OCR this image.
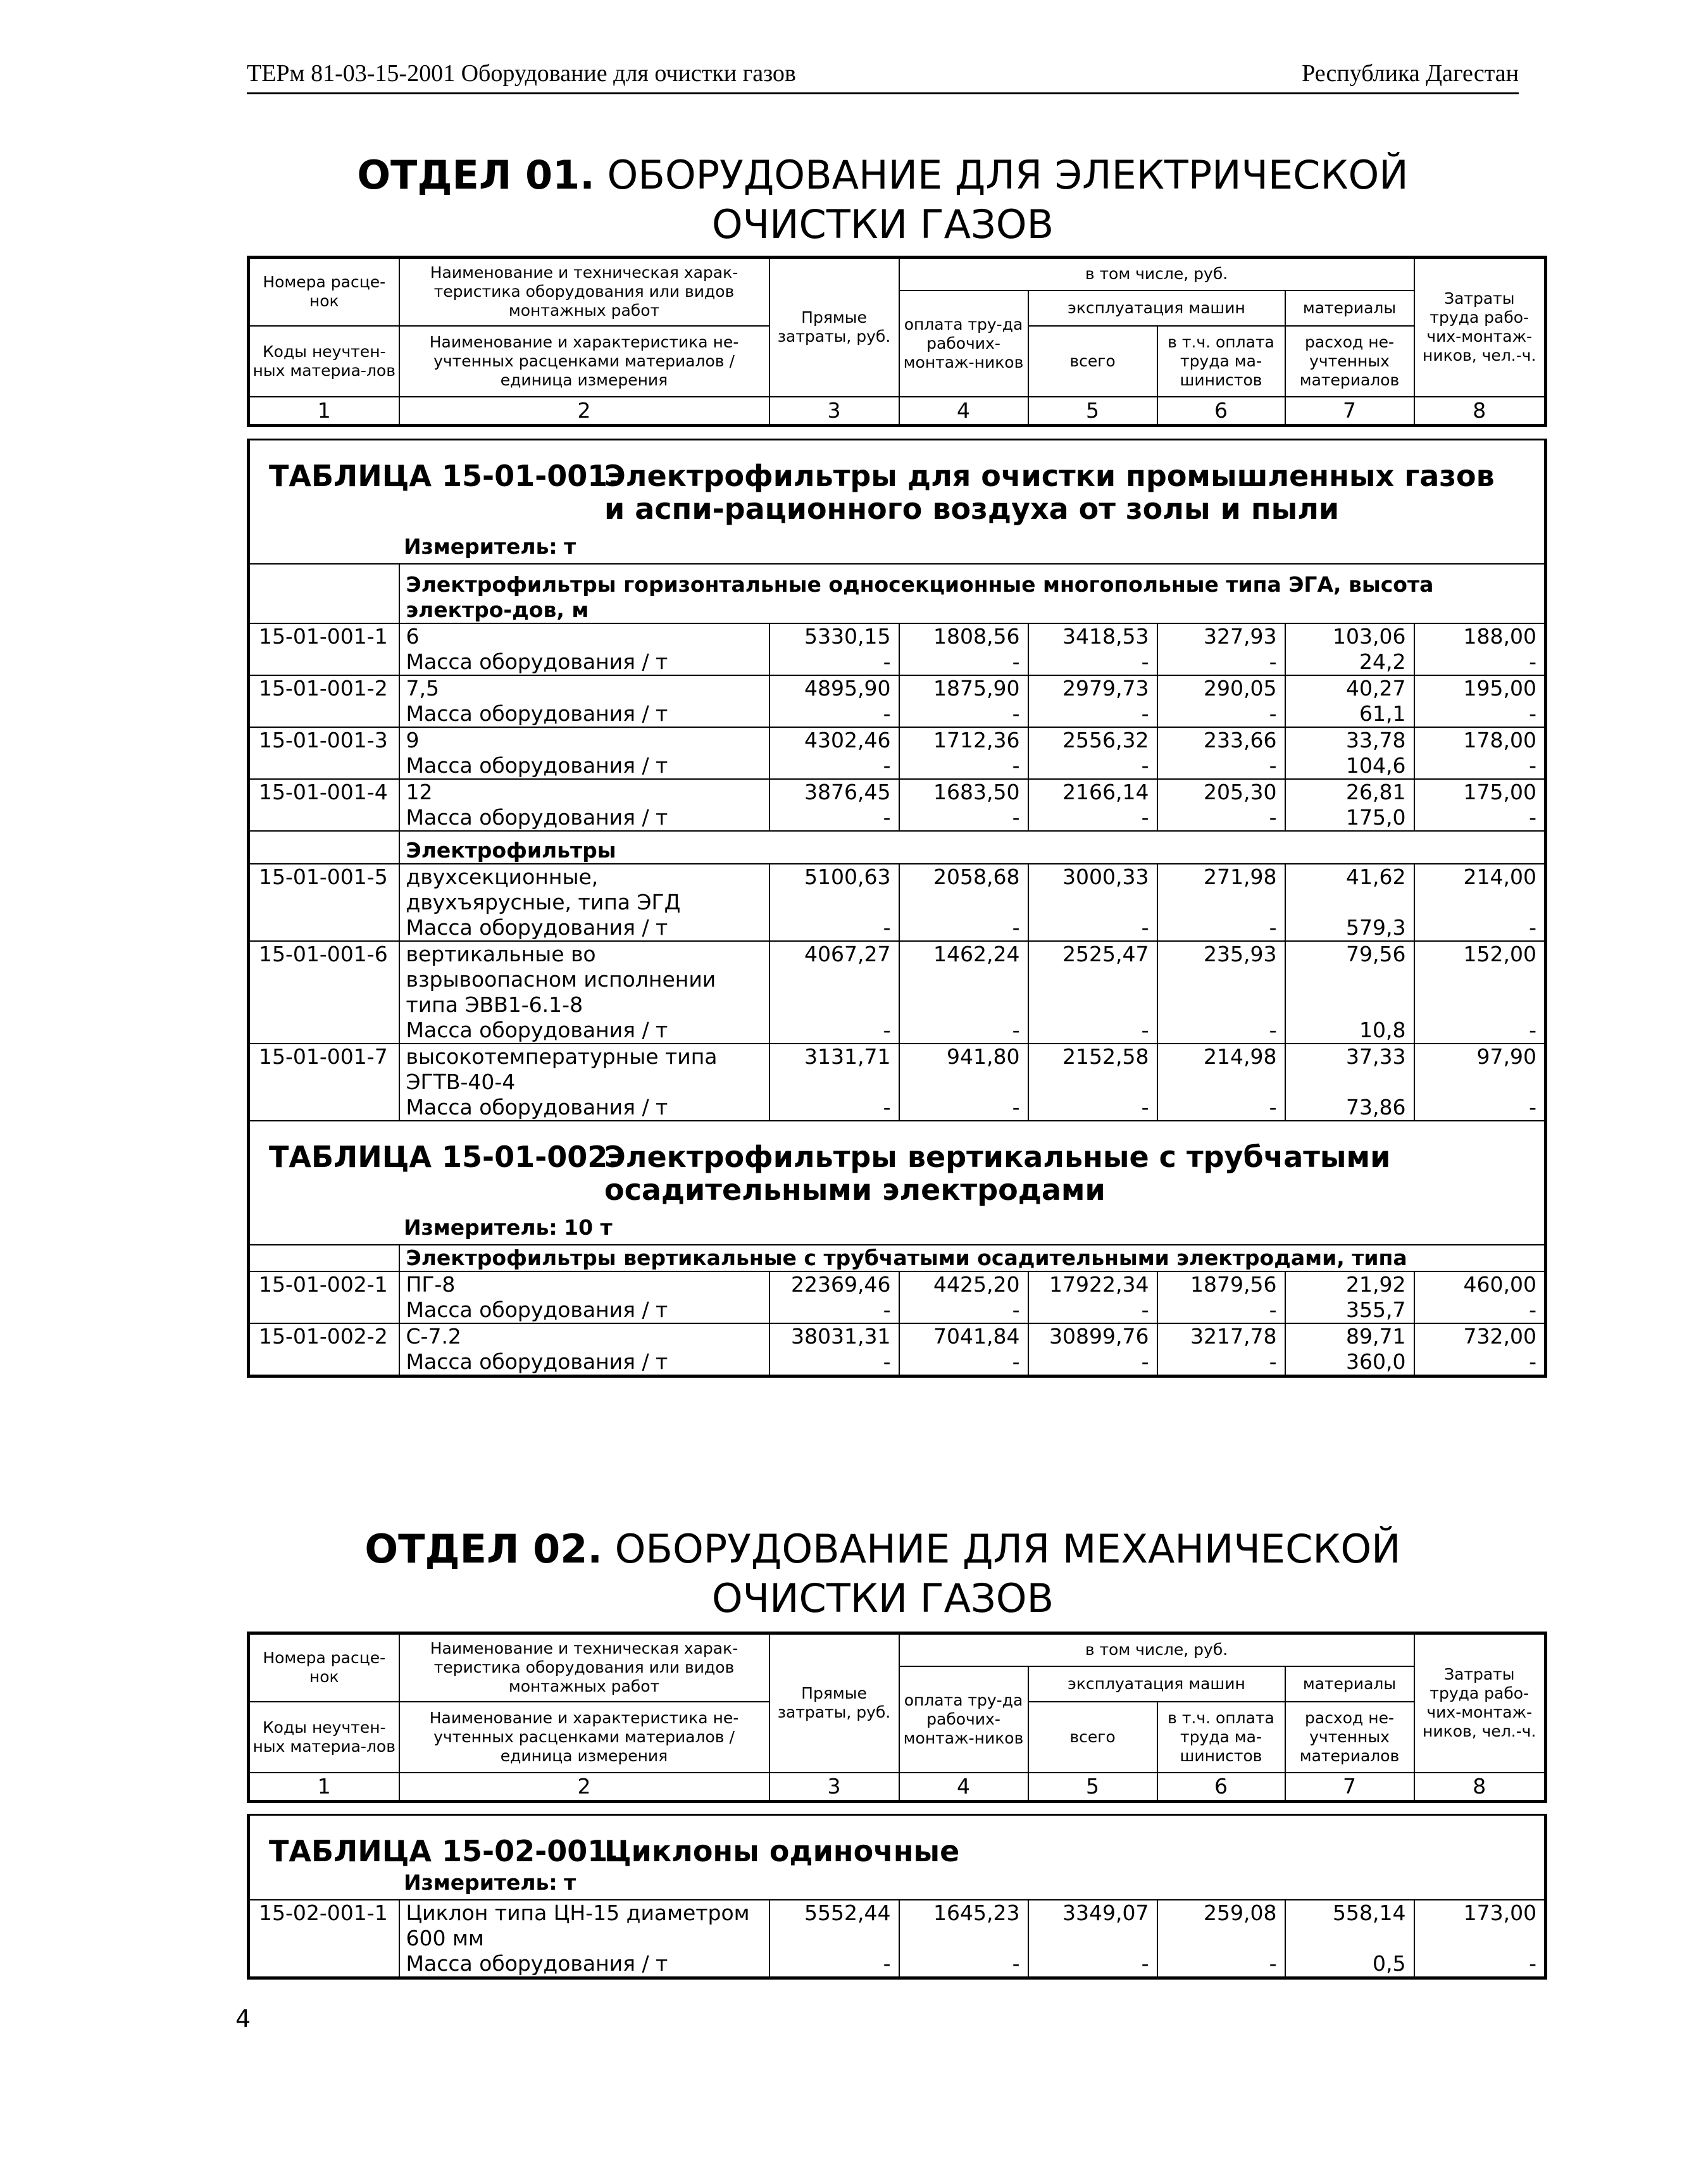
ТЕРм 81-03-15-2001 Оборудование для очистки газов	Республика Дагестан
ОТДЕЛ 01. ОБОРУДОВАНИЕ ДЛЯ ЭЛЕКТРИЧЕСКОЙ
ОЧИСТКИ ГАЗОВ
Номера расце-нок	Наименование и техническая харак-теристика оборудования или видов монтажных работ	Прямые затраты, руб.	в том числе, руб.				Затраты труда рабо-чих-монтаж-ников, чел.-ч.
			оплата тру-да рабочих-монтаж-ников	эксплуатация машин		материалы	
Коды неучтен-ных материа-лов	Наименование и характеристика не-учтенных расценками материалов / единица измерения			всего	в т.ч. оплата труда ма-шинистов	расход не-учтенных материалов	

1	2	3	4	5	6	7	8
ТАБЛИЦА 15-01-001.
Электрофильтры для очистки промышленных газов и аспи-рационного воздуха от золы и пыли
Измеритель: т							

	Электрофильтры горизонтальные односекционные многопольные типа ЭГА, высота электро-дов, м						
15-01-001-1	6	5330,15	1808,56	3418,53	327,93	103,06	188,00
	Масса оборудования / т	-	-	-	-	24,2	-
15-01-001-2	7,5	4895,90	1875,90	2979,73	290,05	40,27	195,00
	Масса оборудования / т	-	-	-	-	61,1	-
15-01-001-3	9	4302,46	1712,36	2556,32	233,66	33,78	178,00
	Масса оборудования / т	-	-	-	-	104,6	-
15-01-001-4	12	3876,45	1683,50	2166,14	205,30	26,81	175,00
	Масса оборудования / т	-	-	-	-	175,0	-
	Электрофильтры						
15-01-001-5	двухсекционные, двухъярусные, типа ЭГД	5100,63	2058,68	3000,33	271,98	41,62	214,00
	Масса оборудования / т	-	-	-	-	579,3	-
15-01-001-6	вертикальные во взрывоопасном исполнении типа ЭВВ1-6.1-8	4067,27	1462,24	2525,47	235,93	79,56	152,00
	Масса оборудования / т	-	-	-	-	10,8	-
15-01-001-7	высокотемпературные типа ЭГТВ-40-4	3131,71	941,80	2152,58	214,98	37,33	97,90
	Масса оборудования / т	-	-	-	-	73,86	-

ТАБЛИЦА 15-01-002.
Электрофильтры вертикальные с трубчатыми осадительными электродами
Измеритель: 10 т							

	Электрофильтры вертикальные с трубчатыми осадительными электродами, типа						
15-01-002-1	ПГ-8	22369,46	4425,20	17922,34	1879,56	21,92	460,00
	Масса оборудования / т	-	-	-	-	355,7	-
15-01-002-2	С-7.2	38031,31	7041,84	30899,76	3217,78	89,71	732,00
	Масса оборудования / т	-	-	-	-	360,0	-
ОТДЕЛ 02. ОБОРУДОВАНИЕ ДЛЯ МЕХАНИЧЕСКОЙ
ОЧИСТКИ ГАЗОВ
Номера расце-нок	Наименование и техническая харак-теристика оборудования или видов монтажных работ	Прямые затраты, руб.	в том числе, руб.				Затраты труда рабо-чих-монтаж-ников, чел.-ч.
			оплата тру-да рабочих-монтаж-ников	эксплуатация машин		материалы	
Коды неучтен-ных материа-лов	Наименование и характеристика не-учтенных расценками материалов / единица измерения			всего	в т.ч. оплата труда ма-шинистов	расход не-учтенных материалов	

1	2	3	4	5	6	7	8
ТАБЛИЦА 15-02-001.
Циклоны одиночные
Измеритель: т							

15-02-001-1	Циклон типа ЦН-15 диаметром 600 мм	5552,44	1645,23	3349,07	259,08	558,14	173,00
	Масса оборудования / т	-	-	-	-	0,5	-
4
